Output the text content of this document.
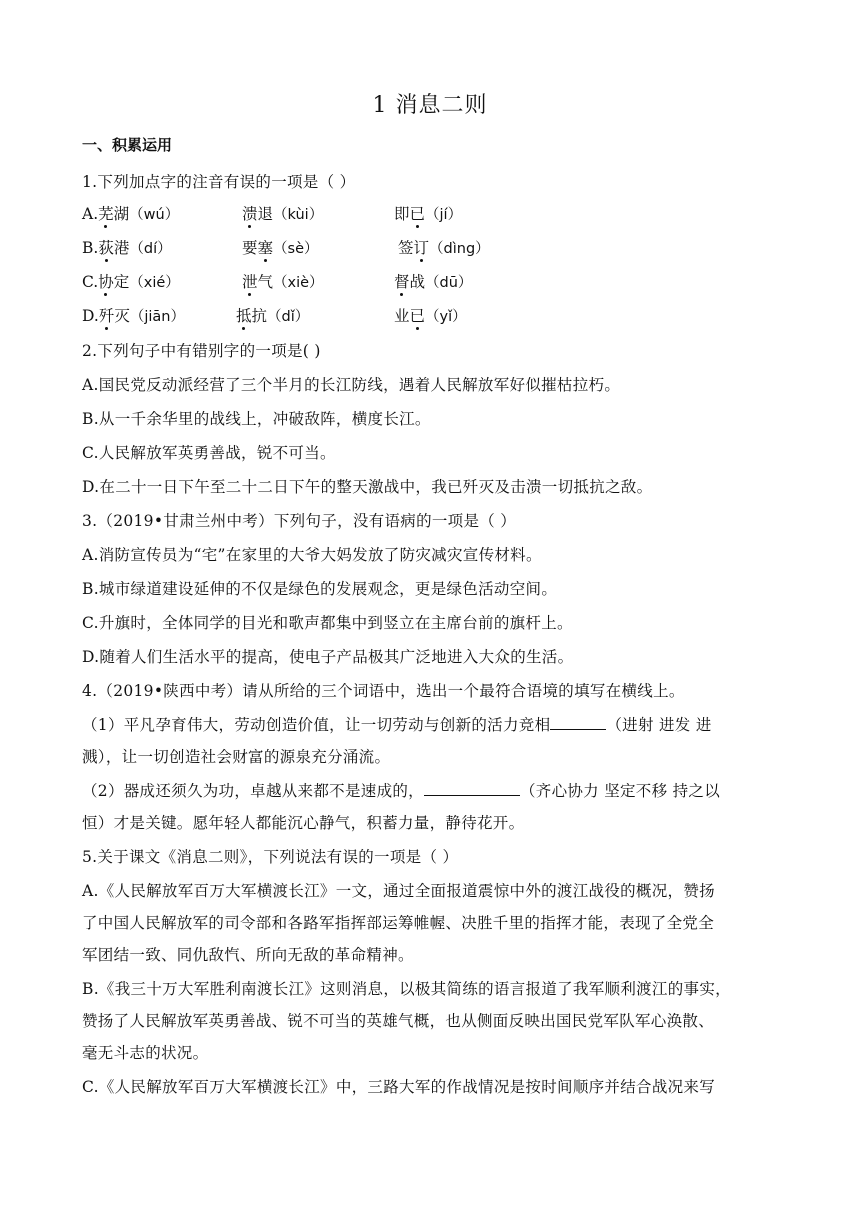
1 消息二则
一、积累运用
1.下列加点字的注音有误的一项是（ ）
A.芜湖（wú）	溃退（kùi）	即已（jí）
B.荻港（dí）	要塞（sè）	签订（dìng）
C.协定（xié）	泄气（xiè）	督战（dū）
D.歼灭（jiān）	抵抗（dǐ）	业已（yǐ）
2.下列句子中有错别字的一项是( )
A.国民党反动派经营了三个半月的长江防线，遇着人民解放军好似摧枯拉朽。
B.从一千余华里的战线上，冲破敌阵，横度长江。
C.人民解放军英勇善战，锐不可当。
D.在二十一日下午至二十二日下午的整天激战中，我已歼灭及击溃一切抵抗之敌。
3.（2019•甘肃兰州中考）下列句子，没有语病的一项是（ ）
A.消防宣传员为“宅”在家里的大爷大妈发放了防灾减灾宣传材料。
B.城市绿道建设延伸的不仅是绿色的发展观念，更是绿色活动空间。
C.升旗时，全体同学的目光和歌声都集中到竖立在主席台前的旗杆上。
D.随着人们生活水平的提高，使电子产品极其广泛地进入大众的生活。
4.（2019•陕西中考）请从所给的三个词语中，选出一个最符合语境的填写在横线上。
（1）平凡孕育伟大，劳动创造价值，让一切劳动与创新的活力竞相	（进射 进发 进
溅），让一切创造社会财富的源泉充分涌流。
（2）器成还须久为功，卓越从来都不是速成的，	（齐心协力 坚定不移 持之以
恒）才是关键。愿年轻人都能沉心静气，积蓄力量，静待花开。
5.关于课文《消息二则》，下列说法有误的一项是（ ）
A.《人民解放军百万大军横渡长江》一文，通过全面报道震惊中外的渡江战役的概况，赞扬
了中国人民解放军的司令部和各路军指挥部运筹帷幄、决胜千里的指挥才能，表现了全党全
军团结一致、同仇敌忾、所向无敌的革命精神。
B.《我三十万大军胜利南渡长江》这则消息，以极其简练的语言报道了我军顺利渡江的事实，
赞扬了人民解放军英勇善战、锐不可当的英雄气概，也从侧面反映出国民党军队军心涣散、
毫无斗志的状况。
C.《人民解放军百万大军横渡长江》中，三路大军的作战情况是按时间顺序并结合战况来写
